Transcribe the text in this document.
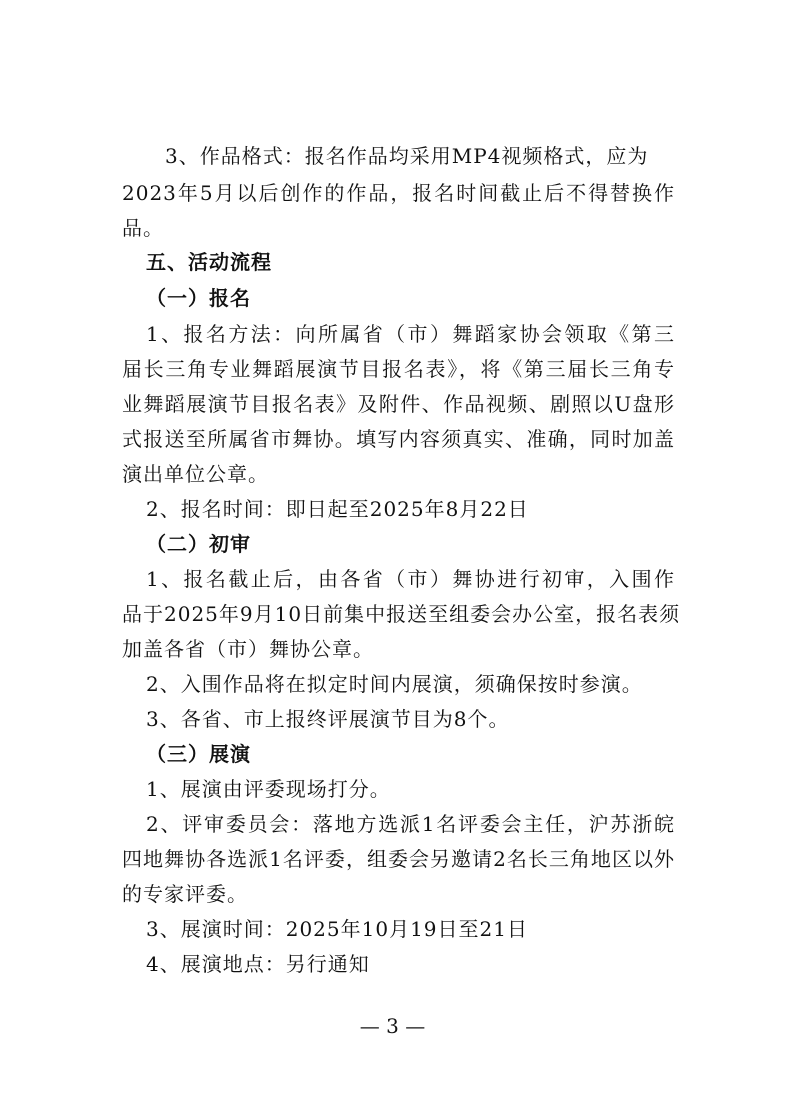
3、作品格式：报名作品均采用MP4视频格式，应为
2023年5月以后创作的作品，报名时间截止后不得替换作
品。
五、活动流程
（一）报名
1、报名方法：向所属省（市）舞蹈家协会领取《第三
届长三角专业舞蹈展演节目报名表》，将《第三届长三角专
业舞蹈展演节目报名表》及附件、作品视频、剧照以U盘形
式报送至所属省市舞协。填写内容须真实、准确，同时加盖
演出单位公章。
2、报名时间：即日起至2025年8月22日
（二）初审
1、报名截止后，由各省（市）舞协进行初审，入围作
品于2025年9月10日前集中报送至组委会办公室，报名表须
加盖各省（市）舞协公章。
2、入围作品将在拟定时间内展演，须确保按时参演。
3、各省、市上报终评展演节目为8个。
（三）展演
1、展演由评委现场打分。
2、评审委员会：落地方选派1名评委会主任，沪苏浙皖
四地舞协各选派1名评委，组委会另邀请2名长三角地区以外
的专家评委。
3、展演时间：2025年10月19日至21日
4、展演地点：另行通知
— 3 —
